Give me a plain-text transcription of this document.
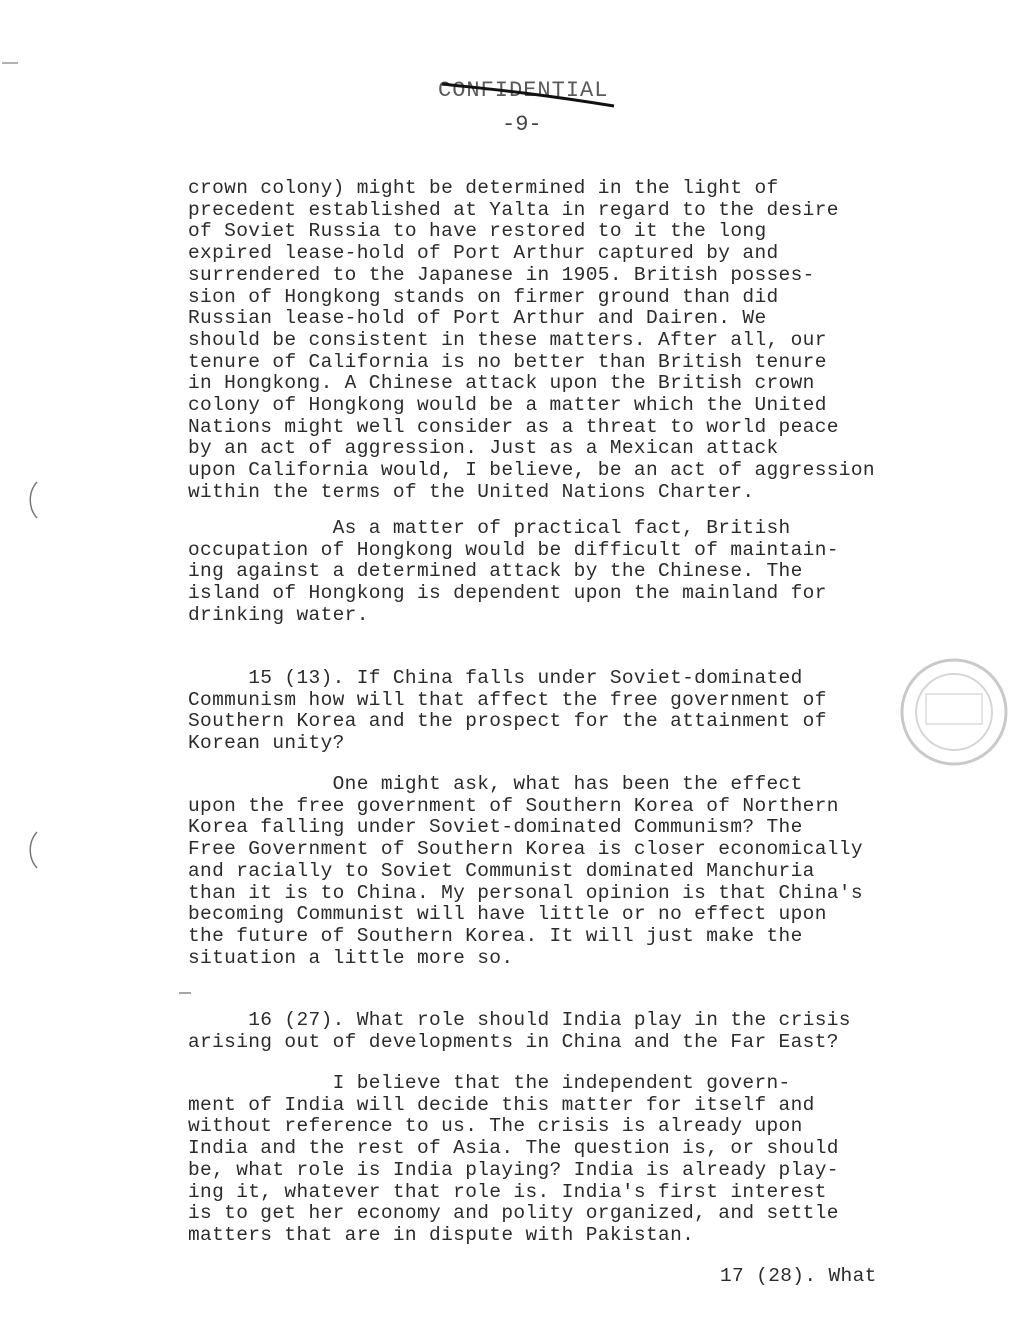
CONFIDENTIAL
-9-
crown colony) might be determined in the light of
precedent established at Yalta in regard to the desire
of Soviet Russia to have restored to it the long
expired lease-hold of Port Arthur captured by and
surrendered to the Japanese in 1905. British posses-
sion of Hongkong stands on firmer ground than did
Russian lease-hold of Port Arthur and Dairen. We
should be consistent in these matters. After all, our
tenure of California is no better than British tenure
in Hongkong. A Chinese attack upon the British crown
colony of Hongkong would be a matter which the United
Nations might well consider as a threat to world peace
by an act of aggression. Just as a Mexican attack
upon California would, I believe, be an act of aggression
within the terms of the United Nations Charter.
As a matter of practical fact, British
occupation of Hongkong would be difficult of maintain-
ing against a determined attack by the Chinese. The
island of Hongkong is dependent upon the mainland for
drinking water.
15 (13). If China falls under Soviet-dominated
Communism how will that affect the free government of
Southern Korea and the prospect for the attainment of
Korean unity?
One might ask, what has been the effect
upon the free government of Southern Korea of Northern
Korea falling under Soviet-dominated Communism? The
Free Government of Southern Korea is closer economically
and racially to Soviet Communist dominated Manchuria
than it is to China. My personal opinion is that China's
becoming Communist will have little or no effect upon
the future of Southern Korea. It will just make the
situation a little more so.
16 (27). What role should India play in the crisis
arising out of developments in China and the Far East?
I believe that the independent govern-
ment of India will decide this matter for itself and
without reference to us. The crisis is already upon
India and the rest of Asia. The question is, or should
be, what role is India playing? India is already play-
ing it, whatever that role is. India's first interest
is to get her economy and polity organized, and settle
matters that are in dispute with Pakistan.
17 (28). What
